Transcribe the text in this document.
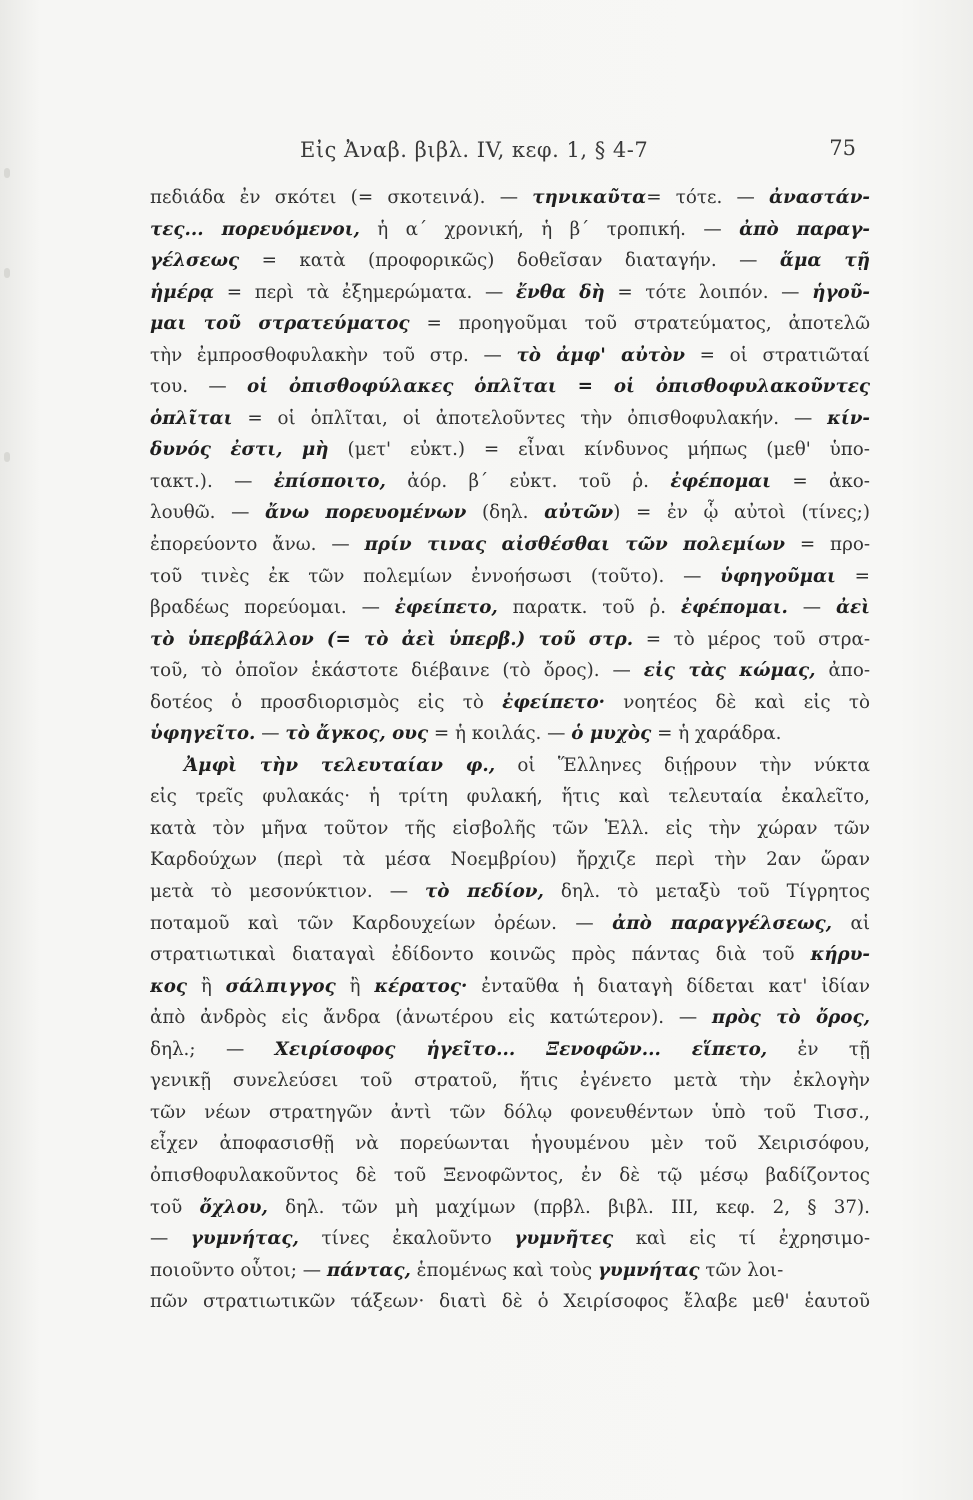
Εἰς Ἀναβ. βιβλ. IV, κεφ. 1, § 4-7	75
πεδιάδα ἐν σκότει (= σκοτεινά). — τηνικαῦτα= τότε. — ἀναστάν-
τες... πορευόμενοι, ἡ α΄ χρονική, ἡ β΄ τροπική. — ἀπὸ παραγ-
γέλσεως = κατὰ (προφορικῶς) δοθεῖσαν διαταγήν. — ἅμα τῇ
ἡμέρᾳ = περὶ τὰ ἐξημερώματα. — ἔνθα δὴ = τότε λοιπόν. — ἡγοῦ-
μαι τοῦ στρατεύματος = προηγοῦμαι τοῦ στρατεύματος, ἀποτελῶ
τὴν ἐμπροσθοφυλακὴν τοῦ στρ. — τὸ ἀμφ' αὐτὸν = οἱ στρατιῶταί
του. — οἱ ὀπισθοφύλακες ὁπλῖται = οἱ ὀπισθοφυλακοῦντες
ὁπλῖται = οἱ ὁπλῖται, οἱ ἀποτελοῦντες τὴν ὀπισθοφυλακήν. — κίν-
δυνός ἐστι, μὴ (μετ' εὐκτ.) = εἶναι κίνδυνος μήπως (μεθ' ὑπο-
τακτ.). — ἐπίσποιτο, ἀόρ. β΄ εὐκτ. τοῦ ῥ. ἐφέπομαι = ἀκο-
λουθῶ. — ἄνω πορευομένων (δηλ. αὐτῶν) = ἐν ᾧ αὐτοὶ (τίνες;)
ἐπορεύοντο ἄνω. — πρίν τινας αἰσθέσθαι τῶν πολεμίων = προ-
τοῦ τινὲς ἐκ τῶν πολεμίων ἐννοήσωσι (τοῦτο). — ὑφηγοῦμαι =
βραδέως πορεύομαι. — ἐφείπετο, παρατκ. τοῦ ῥ. ἐφέπομαι. — ἀεὶ
τὸ ὑπερβάλλον (= τὸ ἀεὶ ὑπερβ.) τοῦ στρ. = τὸ μέρος τοῦ στρα-
τοῦ, τὸ ὁποῖον ἑκάστοτε διέβαινε (τὸ ὄρος). — εἰς τὰς κώμας, ἀπο-
δοτέος ὁ προσδιορισμὸς εἰς τὸ ἐφείπετο· νοητέος δὲ καὶ εἰς τὸ
ὑφηγεῖτο. — τὸ ἄγκος, ους = ἡ κοιλάς. — ὁ μυχὸς = ἡ χαράδρα.
Ἀμφὶ τὴν τελευταίαν φ., οἱ Ἕλληνες διῄρουν τὴν νύκτα
εἰς τρεῖς φυλακάς· ἡ τρίτη φυλακή, ἥτις καὶ τελευταία ἐκαλεῖτο,
κατὰ τὸν μῆνα τοῦτον τῆς εἰσβολῆς τῶν Ἑλλ. εἰς τὴν χώραν τῶν
Καρδούχων (περὶ τὰ μέσα Νοεμβρίου) ἤρχιζε περὶ τὴν 2αν ὥραν
μετὰ τὸ μεσονύκτιον. — τὸ πεδίον, δηλ. τὸ μεταξὺ τοῦ Τίγρητος
ποταμοῦ καὶ τῶν Καρδουχείων ὀρέων. — ἀπὸ παραγγέλσεως, αἱ
στρατιωτικαὶ διαταγαὶ ἐδίδοντο κοινῶς πρὸς πάντας διὰ τοῦ κήρυ-
κος ἢ σάλπιγγος ἢ κέρατος· ἐνταῦθα ἡ διαταγὴ δίδεται κατ' ἰδίαν
ἀπὸ ἀνδρὸς εἰς ἄνδρα (ἀνωτέρου εἰς κατώτερον). — πρὸς τὸ ὄρος,
δηλ.; — Χειρίσοφος ἡγεῖτο... Ξενοφῶν... εἵπετο, ἐν τῇ
γενικῇ συνελεύσει τοῦ στρατοῦ, ἥτις ἐγένετο μετὰ τὴν ἐκλογὴν
τῶν νέων στρατηγῶν ἀντὶ τῶν δόλῳ φονευθέντων ὑπὸ τοῦ Τισσ.,
εἶχεν ἀποφασισθῇ νὰ πορεύωνται ἡγουμένου μὲν τοῦ Χειρισόφου,
ὀπισθοφυλακοῦντος δὲ τοῦ Ξενοφῶντος, ἐν δὲ τῷ μέσῳ βαδίζοντος
τοῦ ὄχλου, δηλ. τῶν μὴ μαχίμων (πρβλ. βιβλ. III, κεφ. 2, § 37).
— γυμνήτας, τίνες ἐκαλοῦντο γυμνῆτες καὶ εἰς τί ἐχρησιμο-
ποιοῦντο οὗτοι; — πάντας, ἑπομένως καὶ τοὺς γυμνήτας τῶν λοι-
πῶν στρατιωτικῶν τάξεων· διατὶ δὲ ὁ Χειρίσοφος ἔλαβε μεθ' ἑαυτοῦ
